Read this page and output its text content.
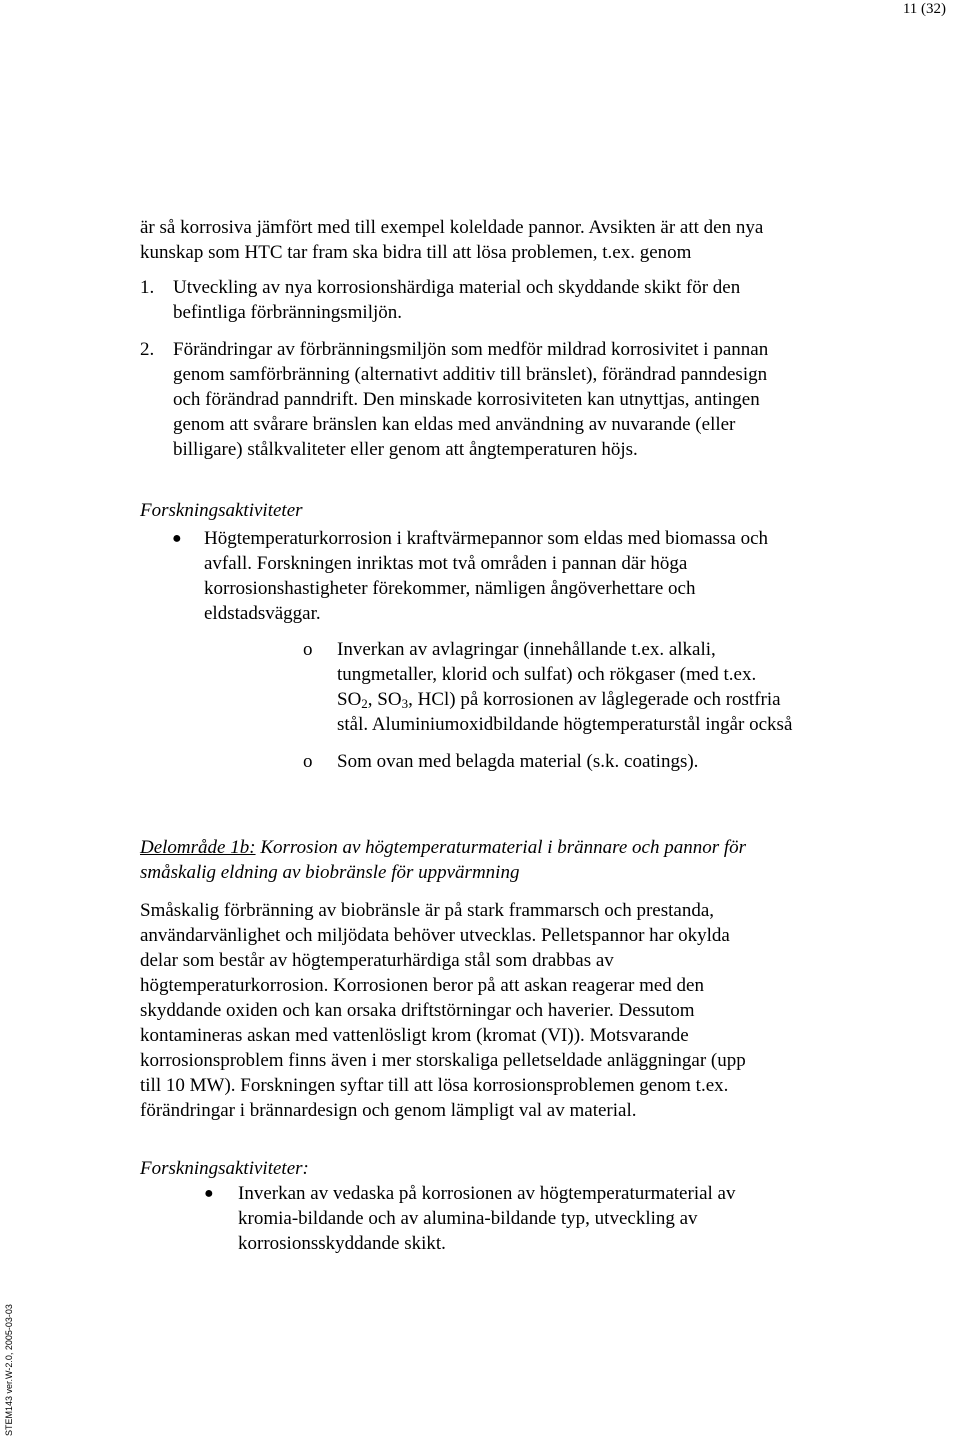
11 (32)
är så korrosiva jämfört med till exempel koleldade pannor. Avsikten är att den nya
kunskap som HTC tar fram ska bidra till att lösa problemen, t.ex. genom
1. Utveckling av nya korrosionshärdiga material och skyddande skikt för den
befintliga förbränningsmiljön.
2. Förändringar av förbränningsmiljön som medför mildrad korrosivitet i pannan
genom samförbränning (alternativt additiv till bränslet), förändrad panndesign
och förändrad panndrift. Den minskade korrosiviteten kan utnyttjas, antingen
genom att svårare bränslen kan eldas med användning av nuvarande (eller
billigare) stålkvaliteter eller genom att ångtemperaturen höjs.
Forskningsaktiviteter
● Högtemperaturkorrosion i kraftvärmepannor som eldas med biomassa och
avfall. Forskningen inriktas mot två områden i pannan där höga
korrosionshastigheter förekommer, nämligen ångöverhettare och
eldstadsväggar.
o Inverkan av avlagringar (innehållande t.ex. alkali,
tungmetaller, klorid och sulfat) och rökgaser (med t.ex.
$SO_2$, $SO_3$, HCl) på korrosionen av låglegerade och rostfria
stål. Aluminiumoxidbildande högtemperaturstål ingår också
o Som ovan med belagda material (s.k. coatings).
Delområde 1b: Korrosion av högtemperaturmaterial i brännare och pannor för
småskalig eldning av biobränsle för uppvärmning
Småskalig förbränning av biobränsle är på stark frammarsch och prestanda,
användarvänlighet och miljödata behöver utvecklas. Pelletspannor har okylda
delar som består av högtemperaturhärdiga stål som drabbas av
högtemperaturkorrosion. Korrosionen beror på att askan reagerar med den
skyddande oxiden och kan orsaka driftstörningar och haverier. Dessutom
kontamineras askan med vattenlösligt krom (kromat (VI)). Motsvarande
korrosionsproblem finns även i mer storskaliga pelletseldade anläggningar (upp
till 10 MW). Forskningen syftar till att lösa korrosionsproblemen genom t.ex.
förändringar i brännardesign och genom lämpligt val av material.
Forskningsaktiviteter:
● Inverkan av vedaska på korrosionen av högtemperaturmaterial av
kromia-bildande och av alumina-bildande typ, utveckling av
korrosionsskyddande skikt.
STEM143 ver.W-2.0, 2005-03-03
